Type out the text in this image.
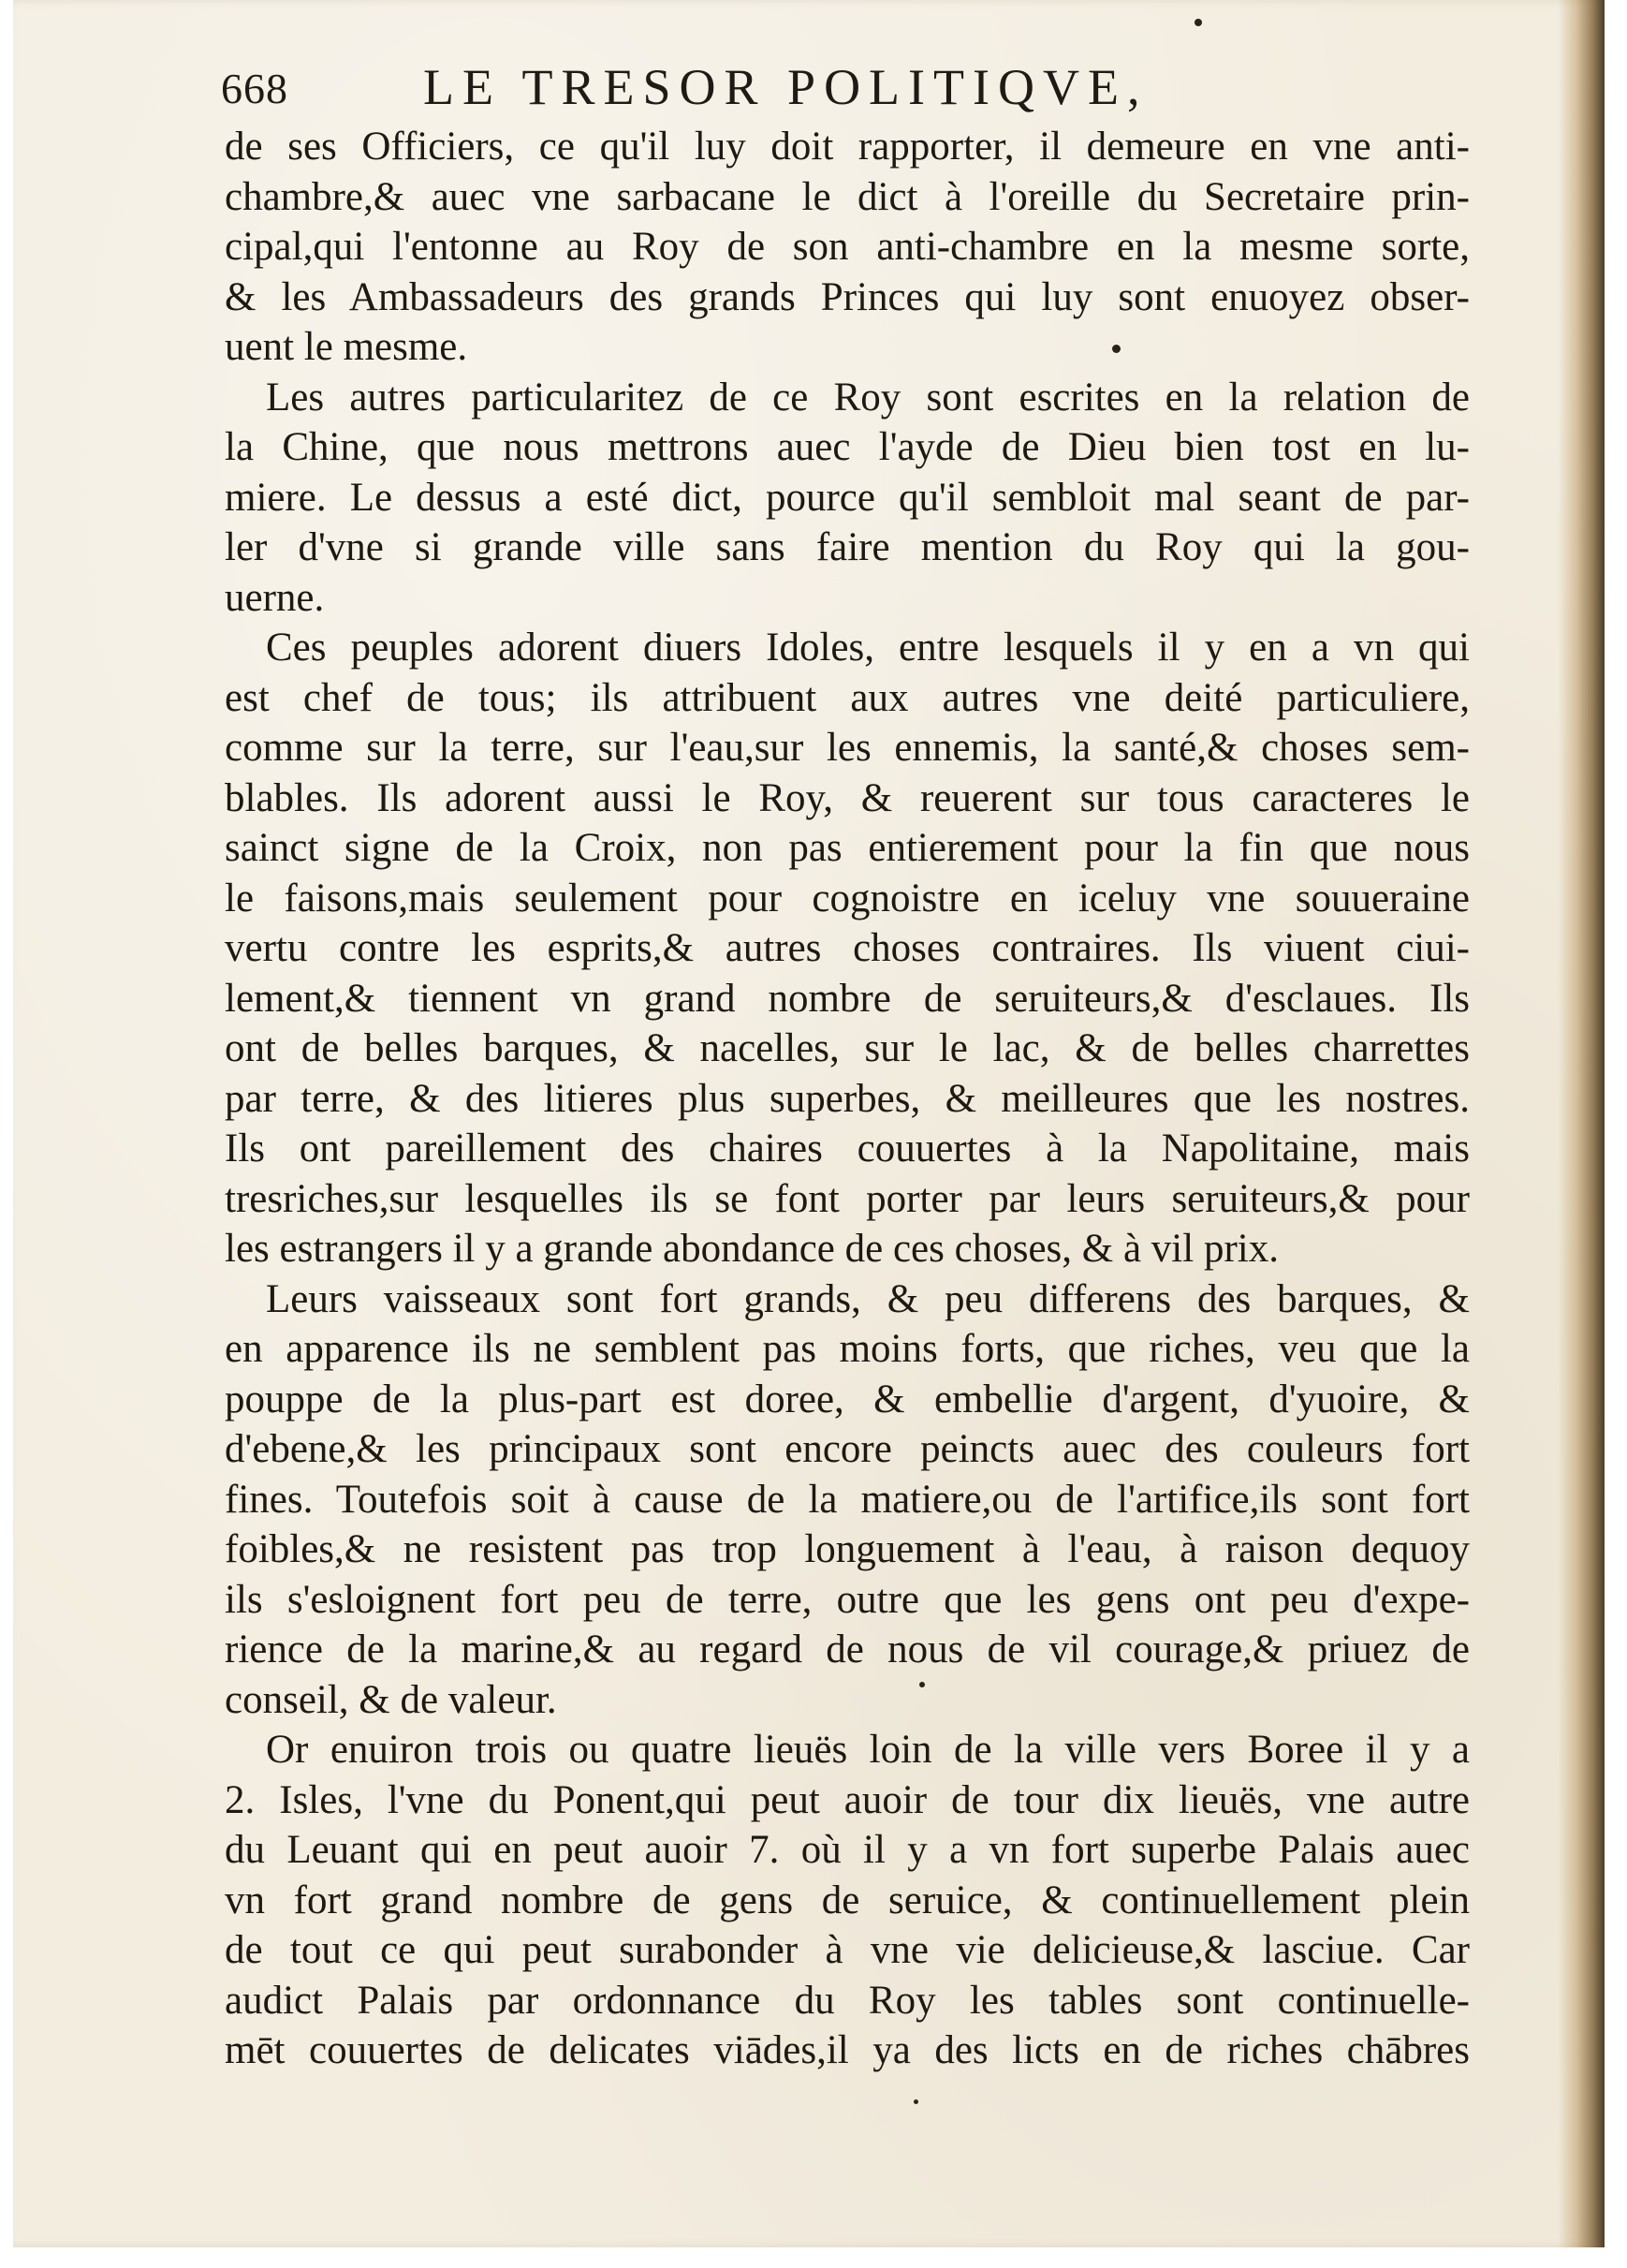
668	LE TRESOR POLITIQVE,
de ses Officiers, ce qu'il luy doit rapporter, il demeure en vne anti-
chambre,& auec vne sarbacane le dict à l'oreille du Secretaire prin-
cipal,qui l'entonne au Roy de son anti-chambre en la mesme sorte,
& les Ambassadeurs des grands Princes qui luy sont enuoyez obser-
uent le mesme.
Les autres particularitez de ce Roy sont escrites en la relation de
la Chine, que nous mettrons auec l'ayde de Dieu bien tost en lu-
miere. Le dessus a esté dict, pource qu'il sembloit mal seant de par-
ler d'vne si grande ville sans faire mention du Roy qui la gou-
uerne.
Ces peuples adorent diuers Idoles, entre lesquels il y en a vn qui
est chef de tous; ils attribuent aux autres vne deité particuliere,
comme sur la terre, sur l'eau,sur les ennemis, la santé,& choses sem-
blables. Ils adorent aussi le Roy, & reuerent sur tous caracteres le
sainct signe de la Croix, non pas entierement pour la fin que nous
le faisons,mais seulement pour cognoistre en iceluy vne souueraine
vertu contre les esprits,& autres choses contraires. Ils viuent ciui-
lement,& tiennent vn grand nombre de seruiteurs,& d'esclaues. Ils
ont de belles barques, & nacelles, sur le lac, & de belles charrettes
par terre, & des litieres plus superbes, & meilleures que les nostres.
Ils ont pareillement des chaires couuertes à la Napolitaine, mais
tresriches,sur lesquelles ils se font porter par leurs seruiteurs,& pour
les estrangers il y a grande abondance de ces choses, & à vil prix.
Leurs vaisseaux sont fort grands, & peu differens des barques, &
en apparence ils ne semblent pas moins forts, que riches, veu que la
pouppe de la plus-part est doree, & embellie d'argent, d'yuoire, &
d'ebene,& les principaux sont encore peincts auec des couleurs fort
fines. Toutefois soit à cause de la matiere,ou de l'artifice,ils sont fort
foibles,& ne resistent pas trop longuement à l'eau, à raison dequoy
ils s'esloignent fort peu de terre, outre que les gens ont peu d'expe-
rience de la marine,& au regard de nous de vil courage,& priuez de
conseil, & de valeur.
Or enuiron trois ou quatre lieuës loin de la ville vers Boree il y a
2. Isles, l'vne du Ponent,qui peut auoir de tour dix lieuës, vne autre
du Leuant qui en peut auoir 7. où il y a vn fort superbe Palais auec
vn fort grand nombre de gens de seruice, & continuellement plein
de tout ce qui peut surabonder à vne vie delicieuse,& lasciue. Car
audict Palais par ordonnance du Roy les tables sont continuelle-
mēt couuertes de delicates viādes,il ya des licts en de riches chābres
